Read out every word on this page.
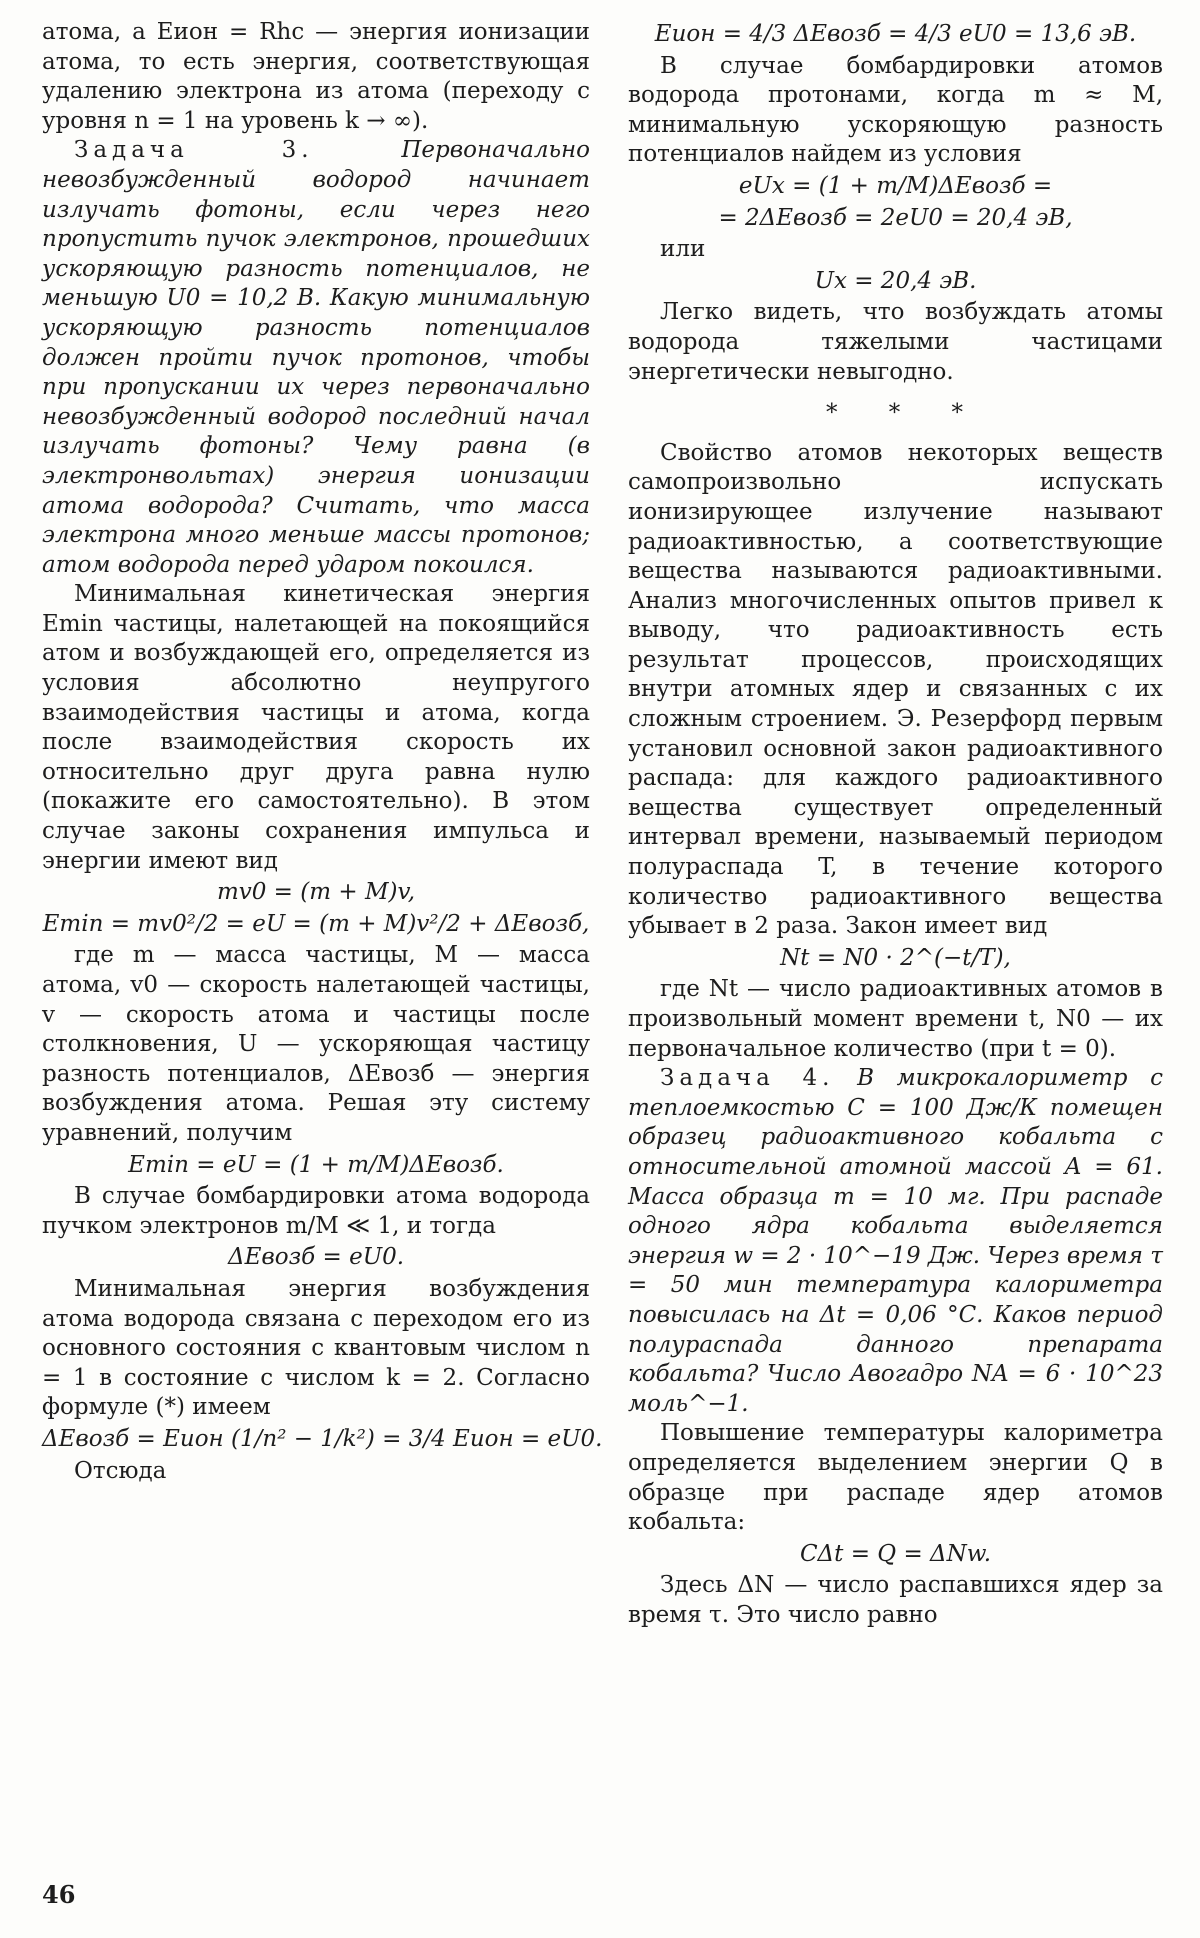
атома, а Eион = Rhc — энергия ионизации атома, то есть энергия, соответствующая удалению электрона из атома (переходу с уровня n = 1 на уровень k → ∞).
Задача 3.	Первоначально невозбужденный водород начинает излучать фотоны, если через него пропустить пучок электронов, прошедших ускоряющую разность потенциалов, не меньшую U0 = 10,2 В. Какую минимальную ускоряющую разность потенциалов должен пройти пучок протонов, чтобы при пропускании их через первоначально невозбужденный водород последний начал излучать фотоны? Чему равна (в электронвольтах) энергия ионизации атома водорода? Считать, что масса электрона много меньше массы протонов; атом водорода перед ударом покоился.
Минимальная кинетическая энергия Emin частицы, налетающей на покоящийся атом и возбуждающей его, определяется из условия абсолютно неупругого взаимодействия частицы и атома, когда после взаимодействия скорость их относительно друг друга равна нулю (покажите его самостоятельно). В этом случае законы сохранения импульса и энергии имеют вид
mv0 = (m + M)v,
Emin = mv0²/2 = eU = (m + M)v²/2 + ΔEвозб,
где m — масса частицы, M — масса атома, v0 — скорость налетающей частицы, v — скорость атома и частицы после столкновения, U — ускоряющая частицу разность потенциалов, ΔEвозб — энергия возбуждения атома. Решая эту систему уравнений, получим
Emin = eU = (1 + m/M)ΔEвозб.
В случае бомбардировки атома водорода пучком электронов m/M ≪ 1, и тогда
ΔEвозб = eU0.
Минимальная энергия возбуждения атома водорода связана с переходом его из основного состояния с квантовым числом n = 1 в состояние с числом k = 2. Согласно формуле (*) имеем
ΔEвозб = Eион (1/n² − 1/k²) = 3/4 Eион = eU0.
Отсюда
Eион = 4/3 ΔEвозб = 4/3 eU0 = 13,6 эВ.
В случае бомбардировки атомов водорода протонами, когда m ≈ M, минимальную ускоряющую разность потенциалов найдем из условия
eUx = (1 + m/M)ΔEвозб =
= 2ΔEвозб = 2eU0 = 20,4 эВ,
или
Ux = 20,4 эВ.
Легко видеть, что возбуждать атомы водорода тяжелыми частицами энергетически невыгодно.
* * *
Свойство атомов некоторых веществ самопроизвольно испускать ионизирующее излучение называют радиоактивностью, а соответствующие вещества называются радиоактивными. Анализ многочисленных опытов привел к выводу, что радиоактивность есть результат процессов, происходящих внутри атомных ядер и связанных с их сложным строением. Э. Резерфорд первым установил основной закон радиоактивного распада: для каждого радиоактивного вещества существует определенный интервал времени, называемый периодом полураспада T, в течение которого количество радиоактивного вещества убывает в 2 раза. Закон имеет вид
Nt = N0 · 2^(−t/T),
где Nt — число радиоактивных атомов в произвольный момент времени t, N0 — их первоначальное количество (при t = 0).
Задача 4. В микрокалориметр с теплоемкостью C = 100 Дж/К помещен образец радиоактивного кобальта с относительной атомной массой A = 61. Масса образца m = 10 мг. При распаде одного ядра кобальта выделяется энергия w = 2 · 10^−19 Дж. Через время τ = 50 мин температура калориметра повысилась на Δt = 0,06 °С. Каков период полураспада данного препарата кобальта? Число Авогадро NA = 6 · 10^23 моль^−1.
Повышение температуры калориметра определяется выделением энергии Q в образце при распаде ядер атомов кобальта:
CΔt = Q = ΔNw.
Здесь ΔN — число распавшихся ядер за время τ. Это число равно
46
